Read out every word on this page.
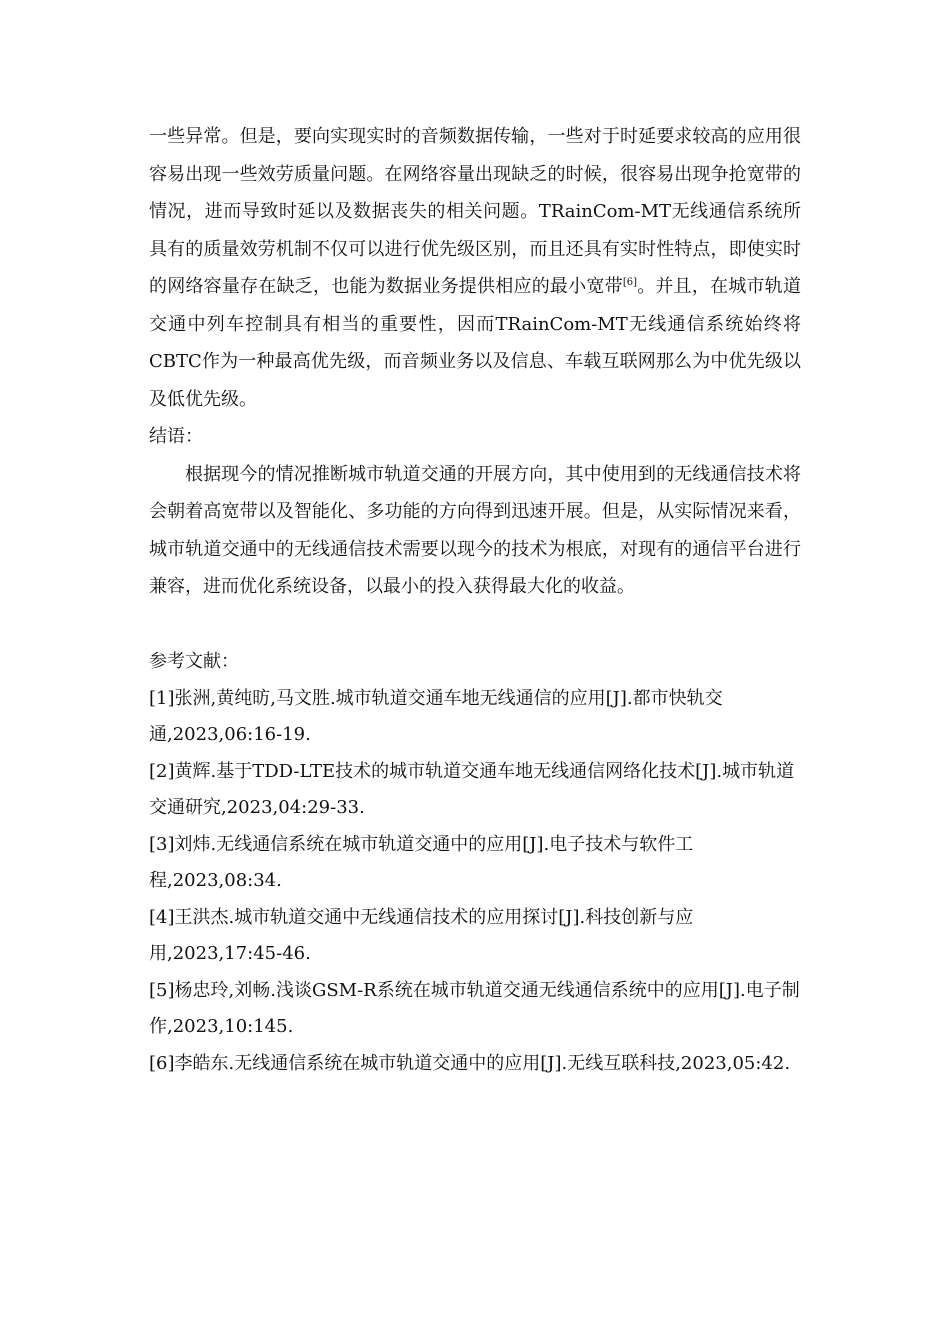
一些异常。但是，要向实现实时的音频数据传输，一些对于时延要求较高的应用很容易出现一些效劳质量问题。在网络容量出现缺乏的时候，很容易出现争抢宽带的情况，进而导致时延以及数据丧失的相关问题。TRainCom-MT无线通信系统所具有的质量效劳机制不仅可以进行优先级区别，而且还具有实时性特点，即使实时的网络容量存在缺乏，也能为数据业务提供相应的最小宽带[6]。并且，在城市轨道交通中列车控制具有相当的重要性，因而TRainCom-MT无线通信系统始终将CBTC作为一种最高优先级，而音频业务以及信息、车载互联网那么为中优先级以及低优先级。

结语：

根据现今的情况推断城市轨道交通的开展方向，其中使用到的无线通信技术将会朝着高宽带以及智能化、多功能的方向得到迅速开展。但是，从实际情况来看，城市轨道交通中的无线通信技术需要以现今的技术为根底，对现有的通信平台进行兼容，进而优化系统设备，以最小的投入获得最大化的收益。

参考文献：

[1]张洲,黄纯昉,马文胜.城市轨道交通车地无线通信的应用[J].都市快轨交通,2023,06:16-19.
[2]黄辉.基于TDD-LTE技术的城市轨道交通车地无线通信网络化技术[J].城市轨道交通研究,2023,04:29-33.
[3]刘炜.无线通信系统在城市轨道交通中的应用[J].电子技术与软件工程,2023,08:34.
[4]王洪杰.城市轨道交通中无线通信技术的应用探讨[J].科技创新与应用,2023,17:45-46.
[5]杨忠玲,刘畅.浅谈GSM-R系统在城市轨道交通无线通信系统中的应用[J].电子制作,2023,10:145.
[6]李皓东.无线通信系统在城市轨道交通中的应用[J].无线互联科技,2023,05:42.
